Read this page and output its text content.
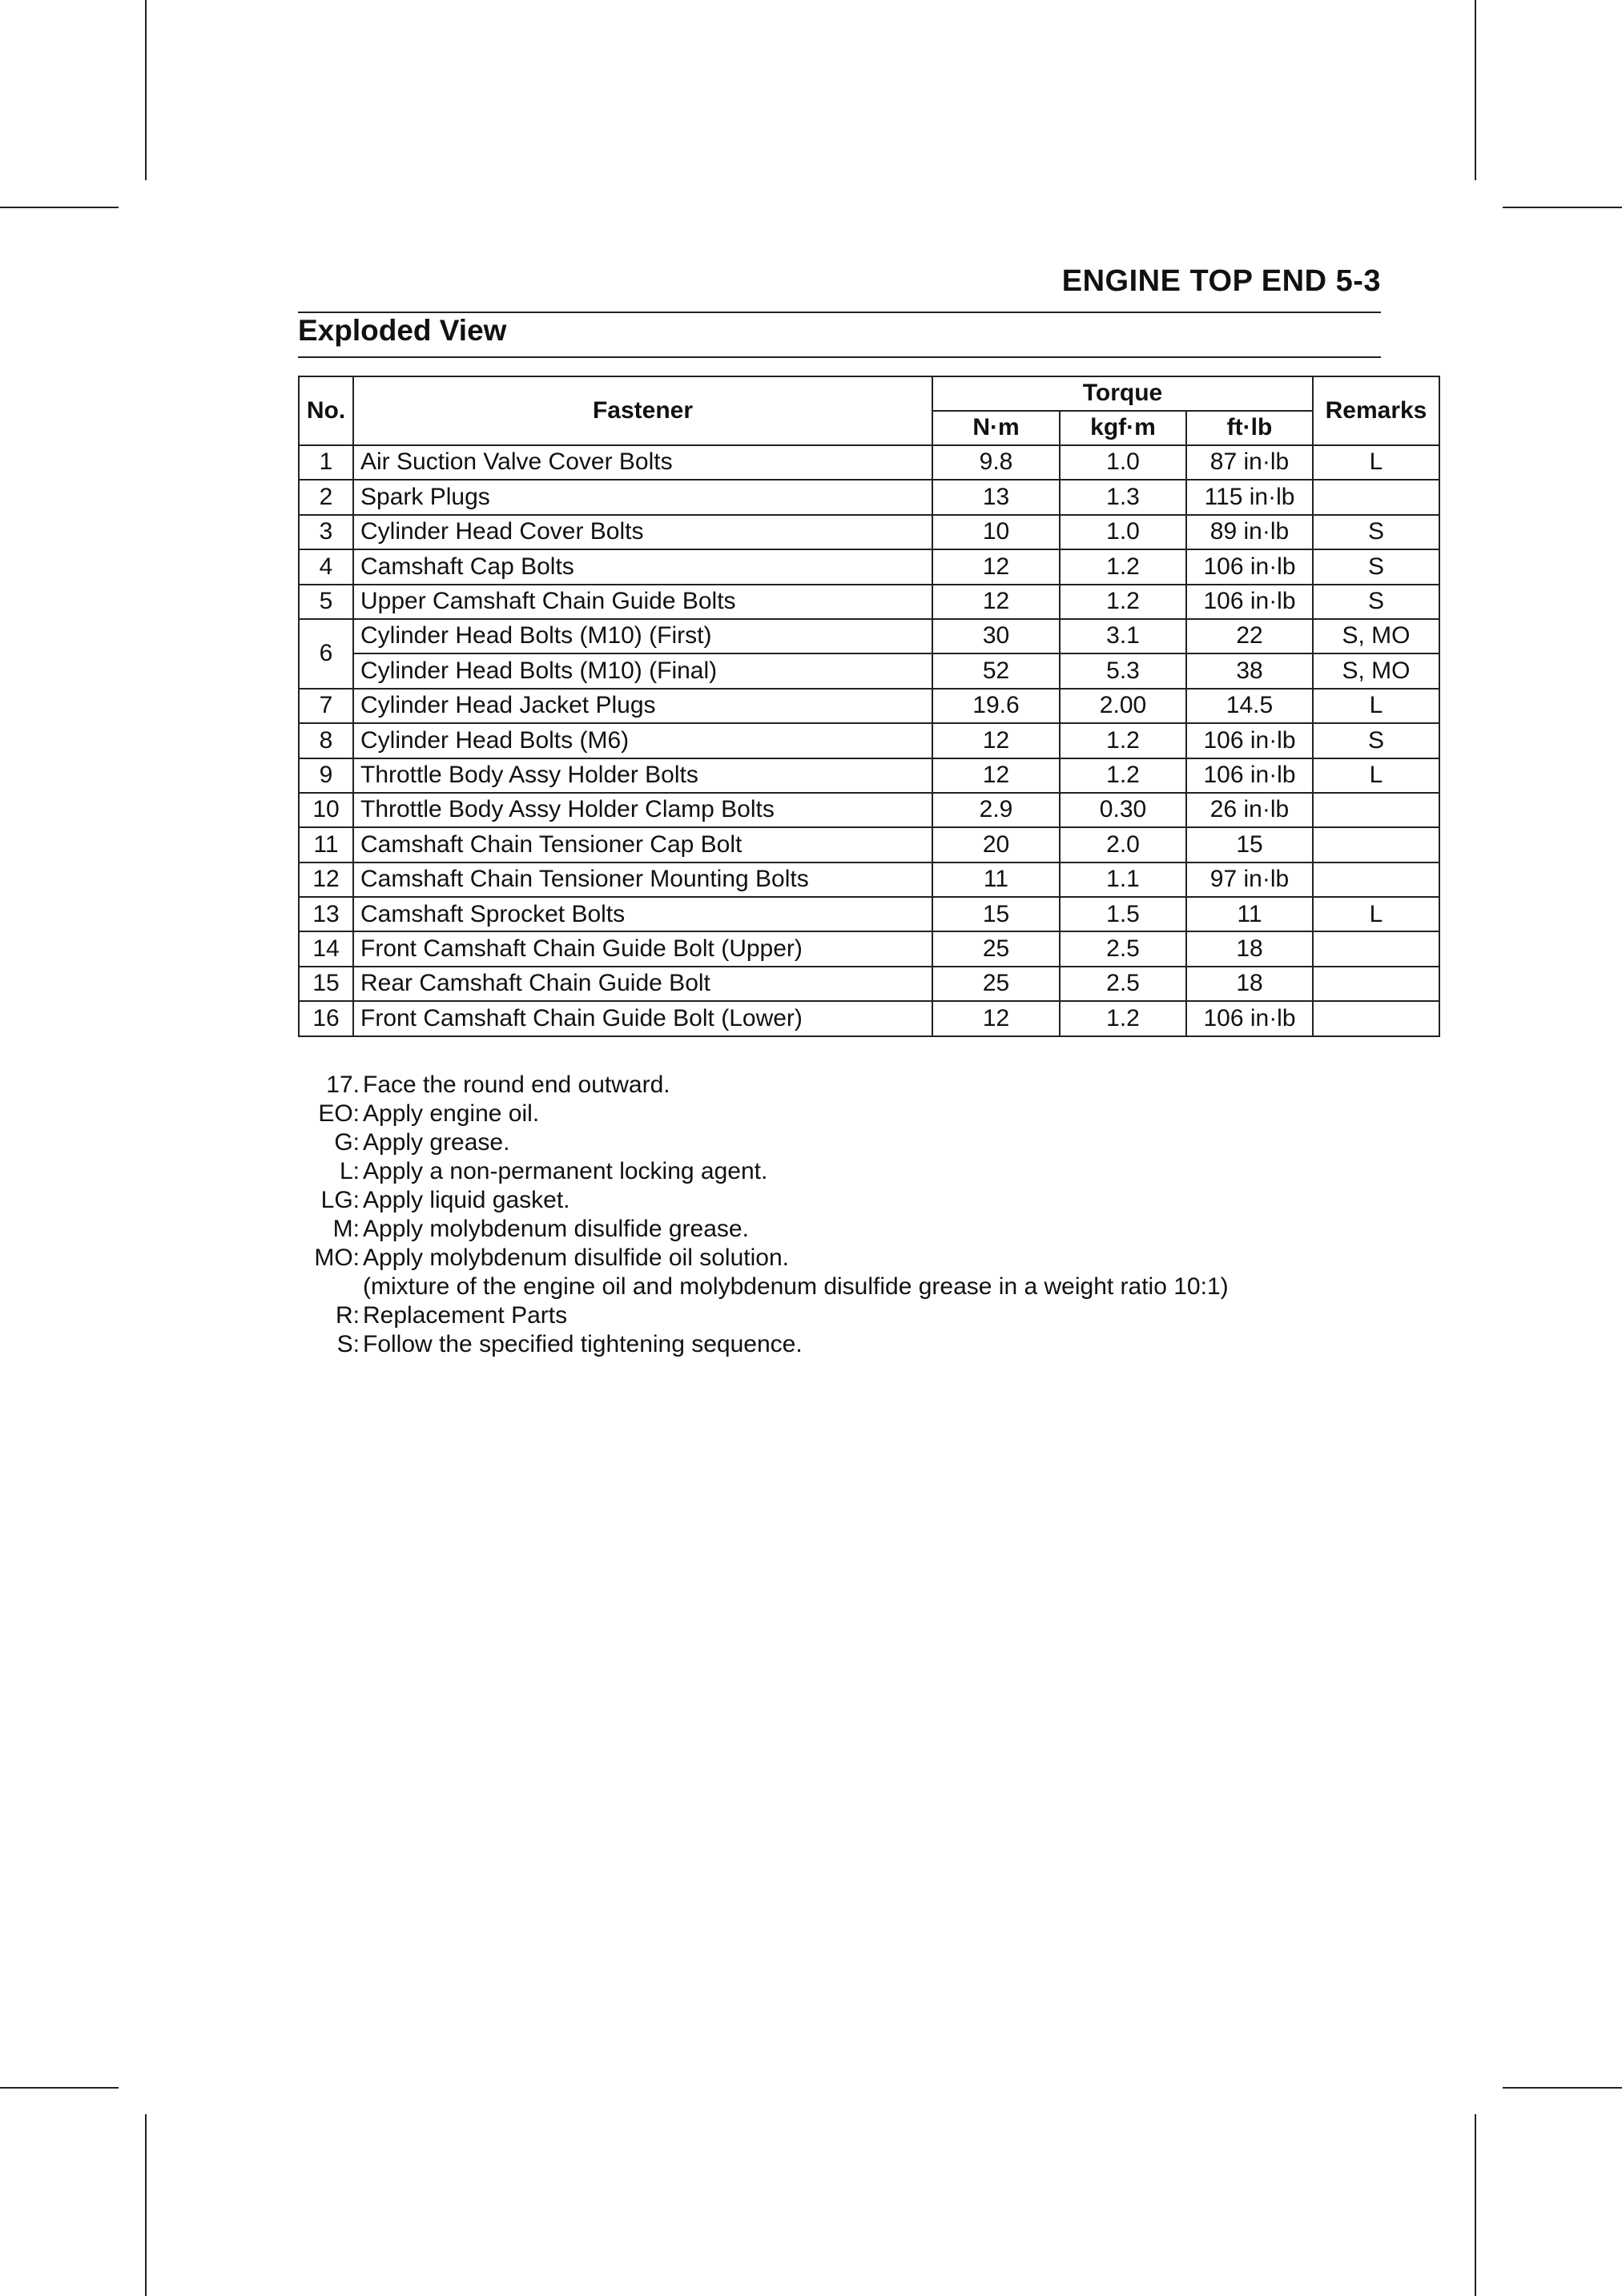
ENGINE TOP END 5-3
Exploded View
No.	Fastener	Torque			Remarks
		N·m	kgf·m	ft·lb	
1	Air Suction Valve Cover Bolts	9.8	1.0	87 in·lb	L
2	Spark Plugs	13	1.3	115 in·lb	
3	Cylinder Head Cover Bolts	10	1.0	89 in·lb	S
4	Camshaft Cap Bolts	12	1.2	106 in·lb	S
5	Upper Camshaft Chain Guide Bolts	12	1.2	106 in·lb	S
6	Cylinder Head Bolts (M10) (First)	30	3.1	22	S, MO
	Cylinder Head Bolts (M10) (Final)	52	5.3	38	S, MO
7	Cylinder Head Jacket Plugs	19.6	2.00	14.5	L
8	Cylinder Head Bolts (M6)	12	1.2	106 in·lb	S
9	Throttle Body Assy Holder Bolts	12	1.2	106 in·lb	L
10	Throttle Body Assy Holder Clamp Bolts	2.9	0.30	26 in·lb	
11	Camshaft Chain Tensioner Cap Bolt	20	2.0	15	
12	Camshaft Chain Tensioner Mounting Bolts	11	1.1	97 in·lb	
13	Camshaft Sprocket Bolts	15	1.5	11	L
14	Front Camshaft Chain Guide Bolt (Upper)	25	2.5	18	
15	Rear Camshaft Chain Guide Bolt	25	2.5	18	
16	Front Camshaft Chain Guide Bolt (Lower)	12	1.2	106 in·lb	
17. Face the round end outward.
EO: Apply engine oil.
G: Apply grease.
L: Apply a non-permanent locking agent.
LG: Apply liquid gasket.
M: Apply molybdenum disulfide grease.
MO: Apply molybdenum disulfide oil solution.
(mixture of the engine oil and molybdenum disulfide grease in a weight ratio 10:1)
R: Replacement Parts
S: Follow the specified tightening sequence.
